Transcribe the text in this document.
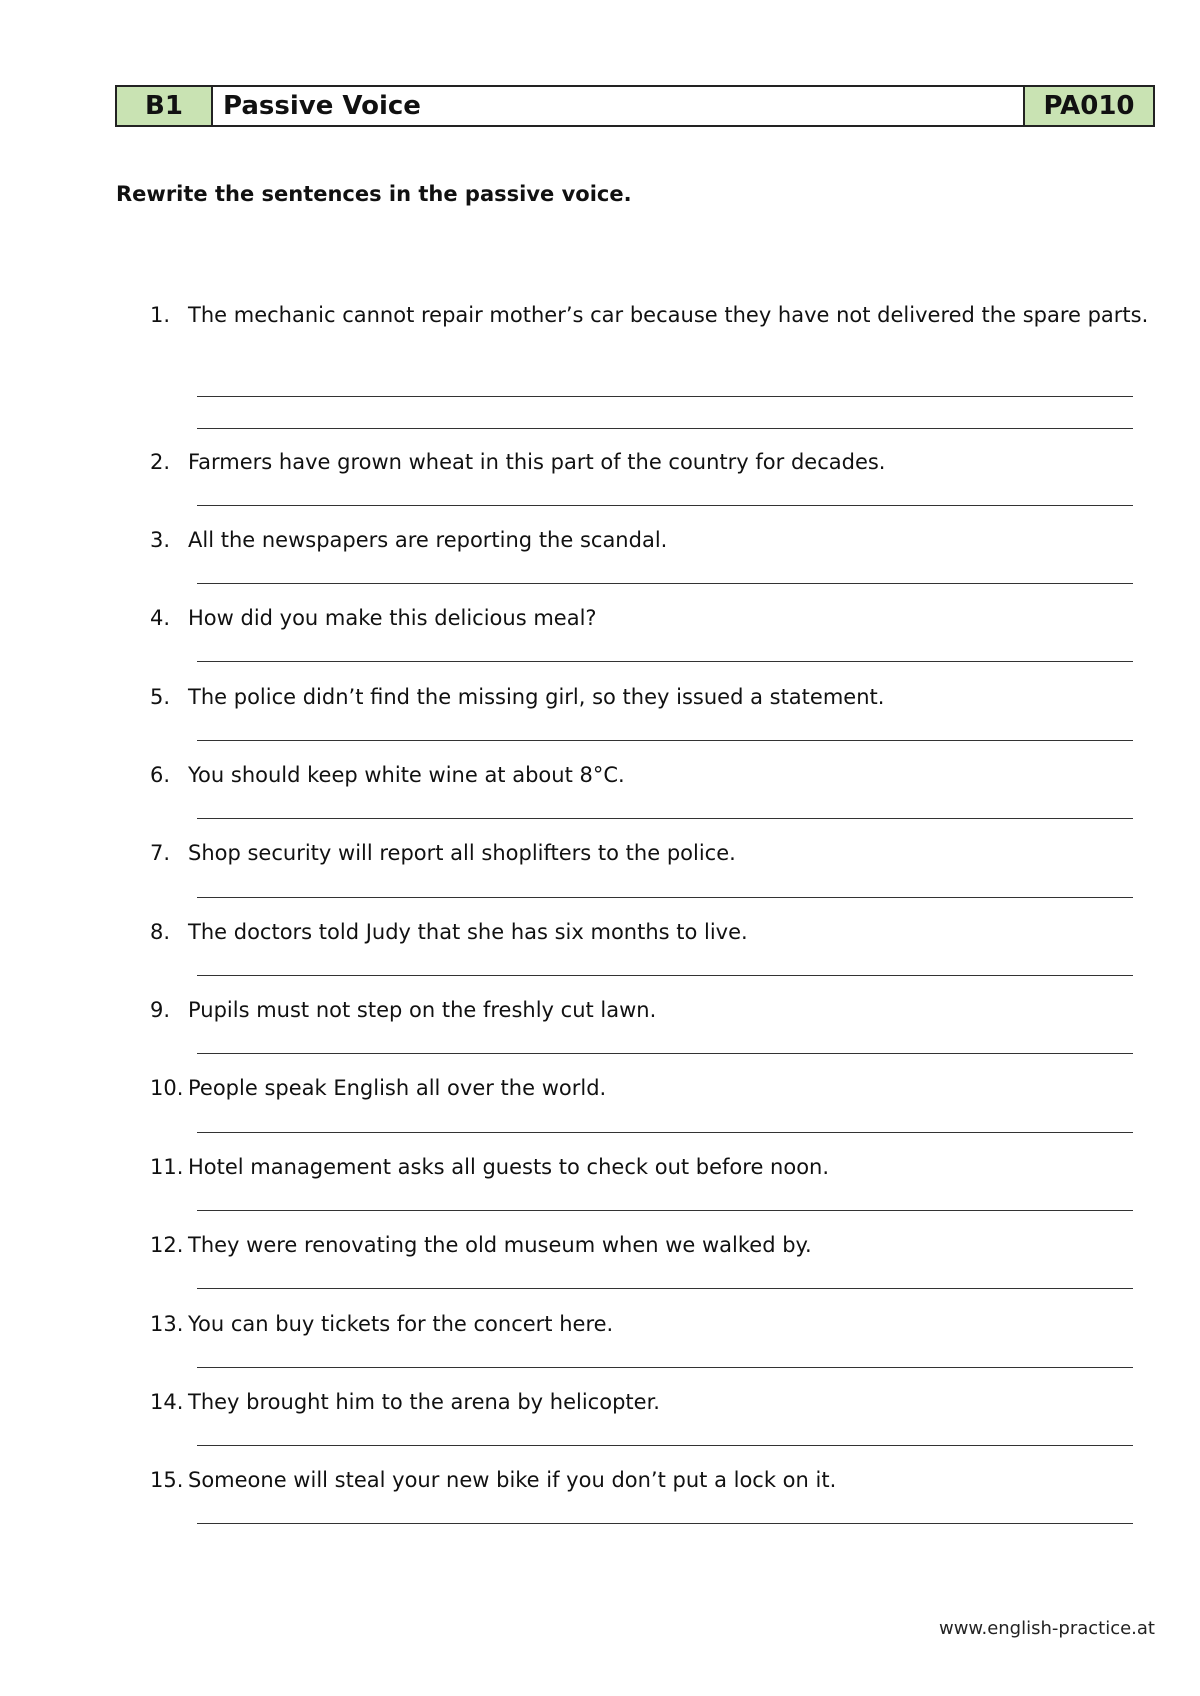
B1	Passive Voice	PA010

Rewrite the sentences in the passive voice.

1. The mechanic cannot repair mother’s car because they have not delivered the spare parts.
2. Farmers have grown wheat in this part of the country for decades.
3. All the newspapers are reporting the scandal.
4. How did you make this delicious meal?
5. The police didn’t find the missing girl, so they issued a statement.
6. You should keep white wine at about 8°C.
7. Shop security will report all shoplifters to the police.
8. The doctors told Judy that she has six months to live.
9. Pupils must not step on the freshly cut lawn.
10. People speak English all over the world.
11. Hotel management asks all guests to check out before noon.
12. They were renovating the old museum when we walked by.
13. You can buy tickets for the concert here.
14. They brought him to the arena by helicopter.
15. Someone will steal your new bike if you don’t put a lock on it.
www.english-practice.at
